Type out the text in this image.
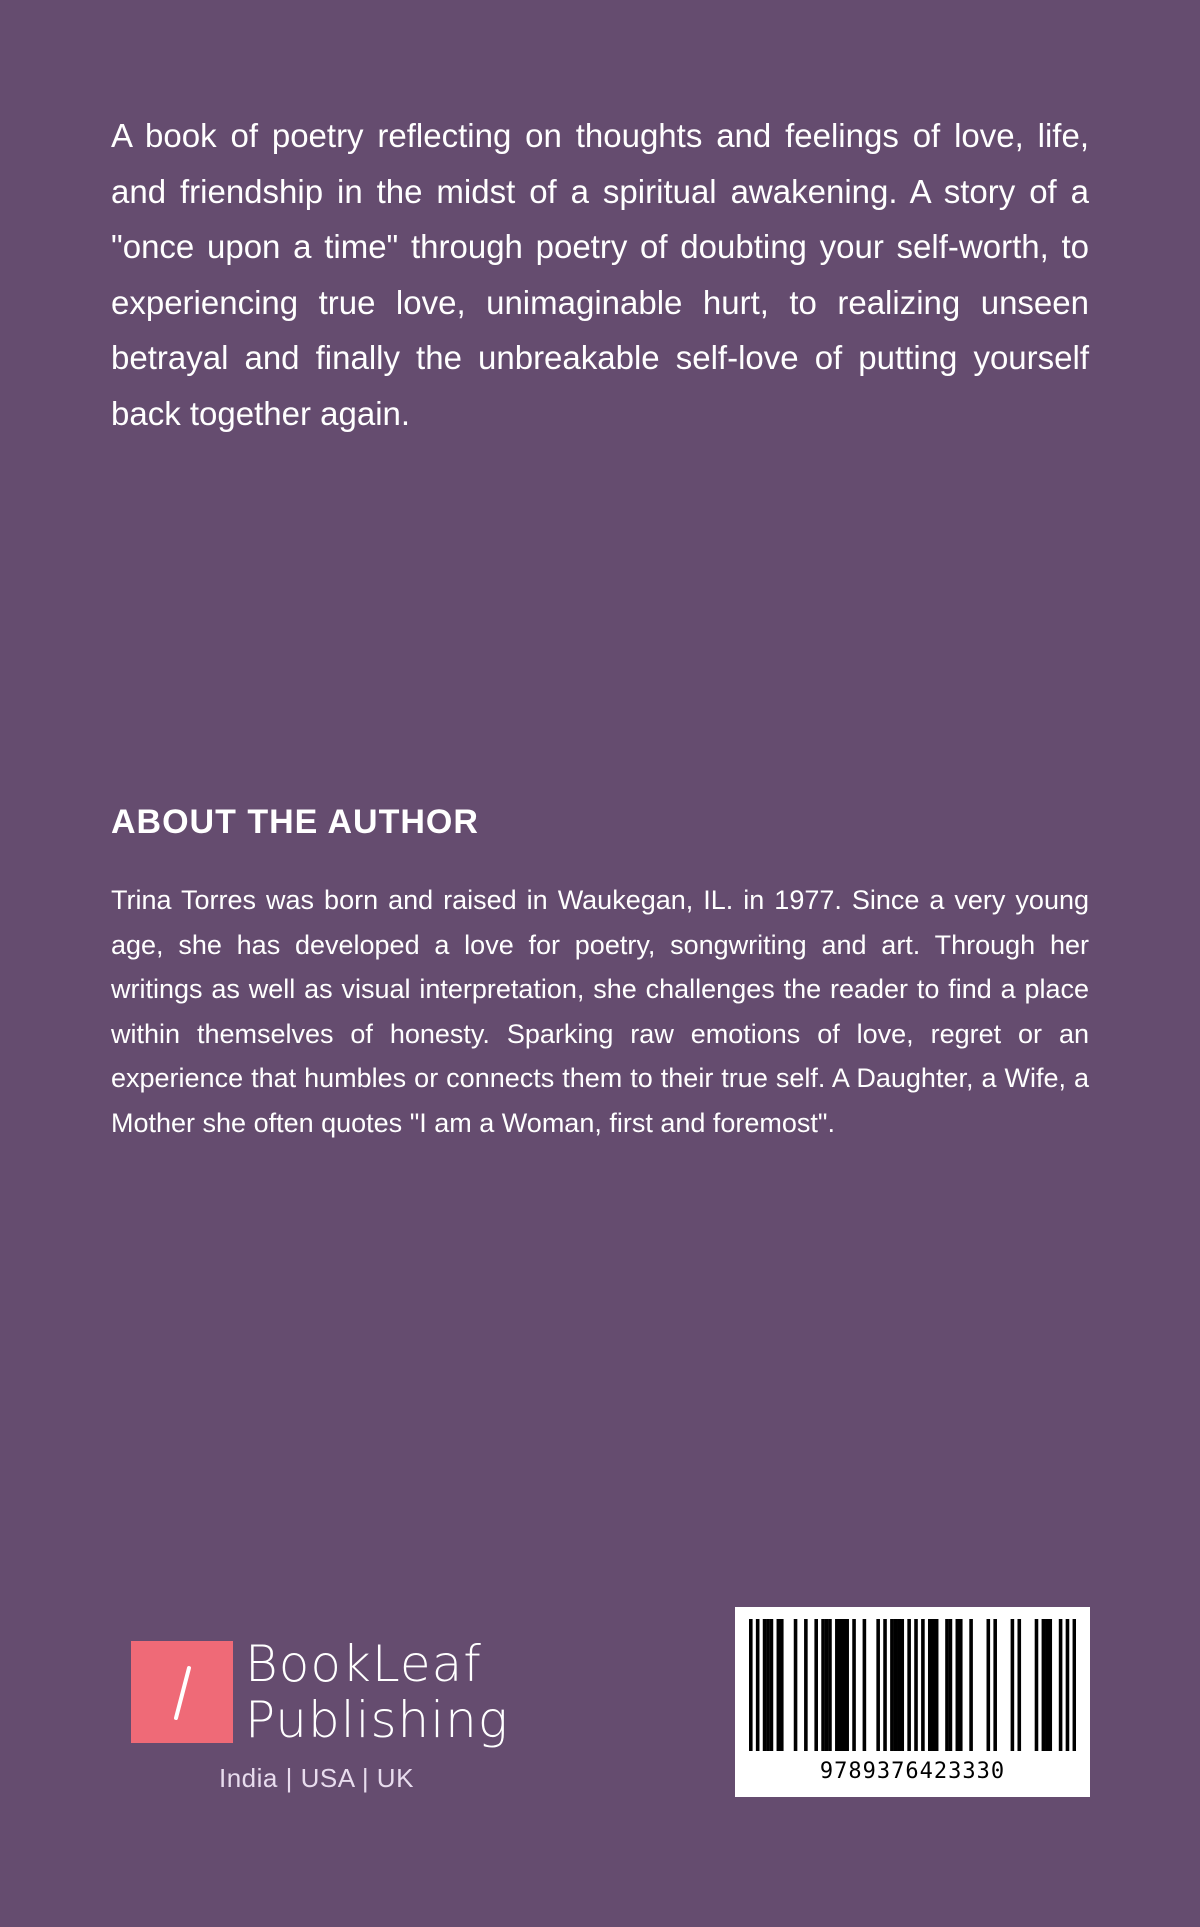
A book of poetry reflecting on thoughts and feelings of love, life, and friendship in the midst of a spiritual awakening. A story of a "once upon a time" through poetry of doubting your self-worth, to experiencing true love, unimaginable hurt, to realizing unseen betrayal and finally the unbreakable self-love of putting yourself back together again.

ABOUT THE AUTHOR

Trina Torres was born and raised in Waukegan, IL. in 1977. Since a very young age, she has developed a love for poetry, songwriting and art. Through her writings as well as visual interpretation, she challenges the reader to find a place within themselves of honesty. Sparking raw emotions of love, regret or an experience that humbles or connects them to their true self. A Daughter, a Wife, a Mother she often quotes "I am a Woman, first and foremost".

BookLeaf
Publishing
India | USA | UK	9789376423330
